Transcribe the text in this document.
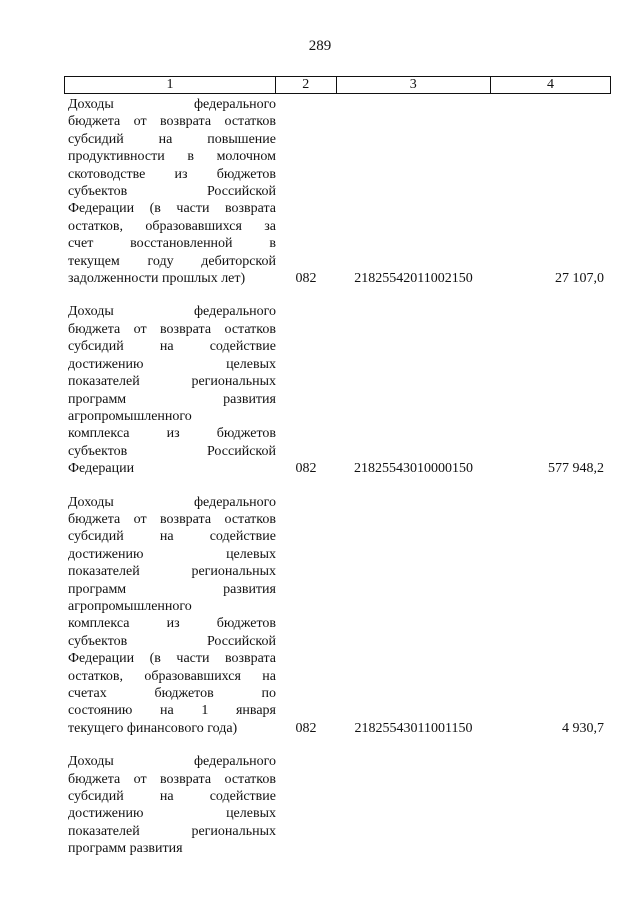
289
1	2	3	4
Доходы федерального
бюджета от возврата остатков
субсидий на повышение
продуктивности в молочном
скотоводстве из бюджетов
субъектов Российской
Федерации (в части возврата
остатков, образовавшихся за
счет восстановленной в
текущем году дебиторской
задолженности прошлых лет)	082	21825542011002150	27 107,0
Доходы федерального
бюджета от возврата остатков
субсидий на содействие
достижению целевых
показателей региональных
программ развития
агропромышленного
комплекса из бюджетов
субъектов Российской
Федерации	082	21825543010000150	577 948,2
Доходы федерального
бюджета от возврата остатков
субсидий на содействие
достижению целевых
показателей региональных
программ развития
агропромышленного
комплекса из бюджетов
субъектов Российской
Федерации (в части возврата
остатков, образовавшихся на
счетах бюджетов по
состоянию на 1 января
текущего финансового года)	082	21825543011001150	4 930,7
Доходы федерального
бюджета от возврата остатков
субсидий на содействие
достижению целевых
показателей региональных
программ развития
